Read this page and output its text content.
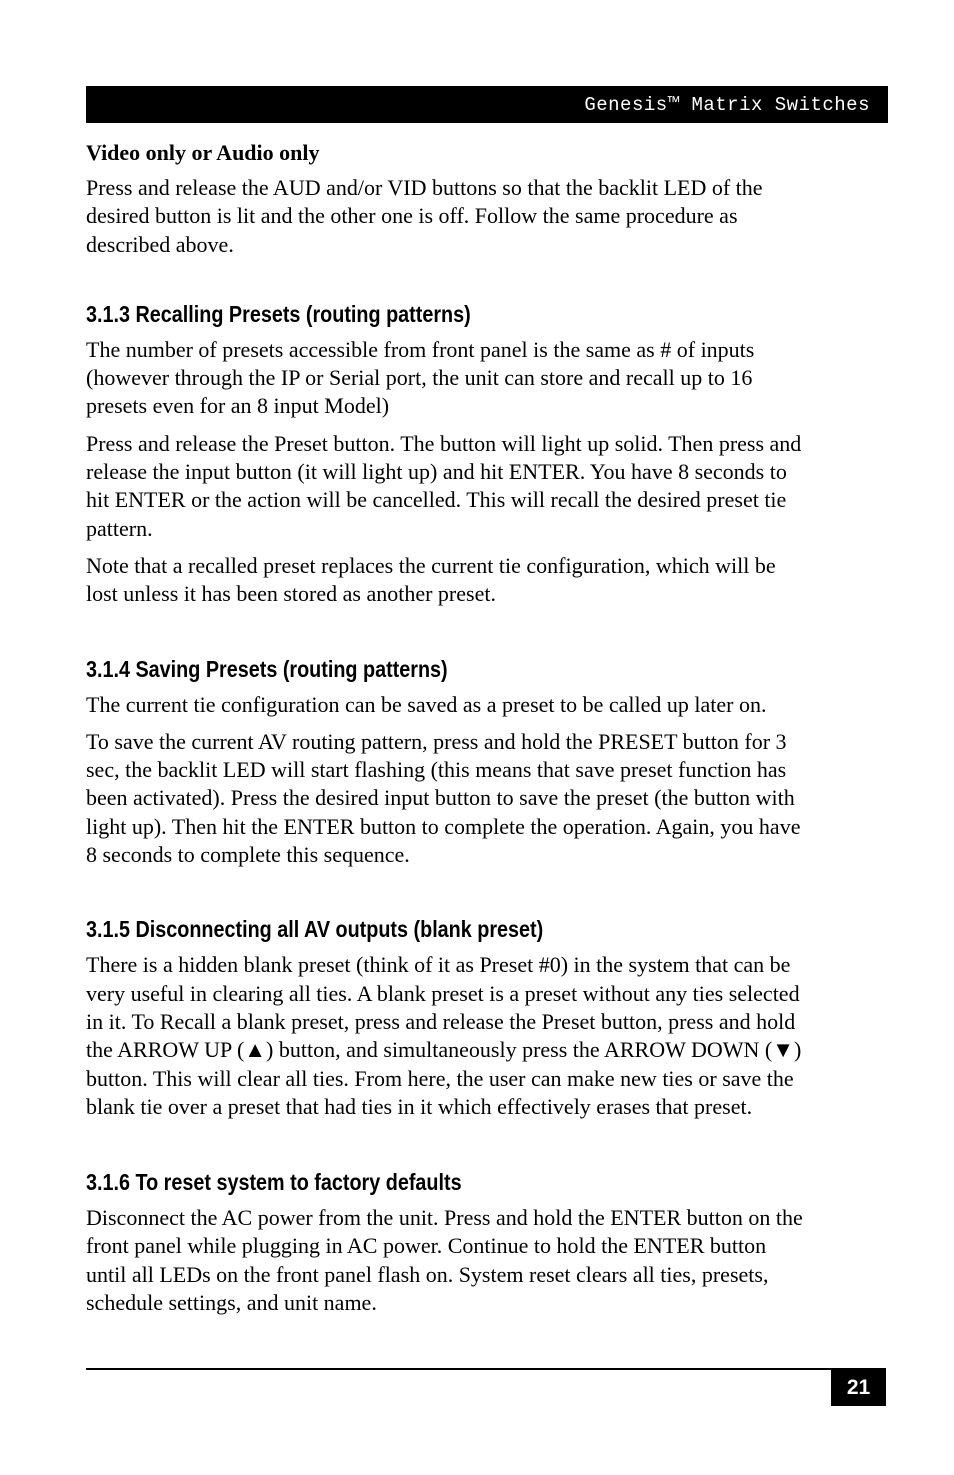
Genesis™ Matrix Switches
Video only or Audio only

Press and release the AUD and/or VID buttons so that the backlit LED of the
desired button is lit and the other one is off. Follow the same procedure as
described above.

3.1.3 Recalling Presets (routing patterns)

The number of presets accessible from front panel is the same as # of inputs
(however through the IP or Serial port, the unit can store and recall up to 16
presets even for an 8 input Model)

Press and release the Preset button. The button will light up solid. Then press and
release the input button (it will light up) and hit ENTER. You have 8 seconds to
hit ENTER or the action will be cancelled. This will recall the desired preset tie
pattern.

Note that a recalled preset replaces the current tie configuration, which will be
lost unless it has been stored as another preset.

3.1.4 Saving Presets (routing patterns)

The current tie configuration can be saved as a preset to be called up later on.

To save the current AV routing pattern, press and hold the PRESET button for 3
sec, the backlit LED will start flashing (this means that save preset function has
been activated). Press the desired input button to save the preset (the button with
light up). Then hit the ENTER button to complete the operation. Again, you have
8 seconds to complete this sequence.

3.1.5 Disconnecting all AV outputs (blank preset)

There is a hidden blank preset (think of it as Preset #0) in the system that can be
very useful in clearing all ties. A blank preset is a preset without any ties selected
in it. To Recall a blank preset, press and release the Preset button, press and hold
the ARROW UP (▲) button, and simultaneously press the ARROW DOWN (▼)
button. This will clear all ties. From here, the user can make new ties or save the
blank tie over a preset that had ties in it which effectively erases that preset.

3.1.6 To reset system to factory defaults

Disconnect the AC power from the unit. Press and hold the ENTER button on the
front panel while plugging in AC power. Continue to hold the ENTER button
until all LEDs on the front panel flash on. System reset clears all ties, presets,
schedule settings, and unit name.

21
